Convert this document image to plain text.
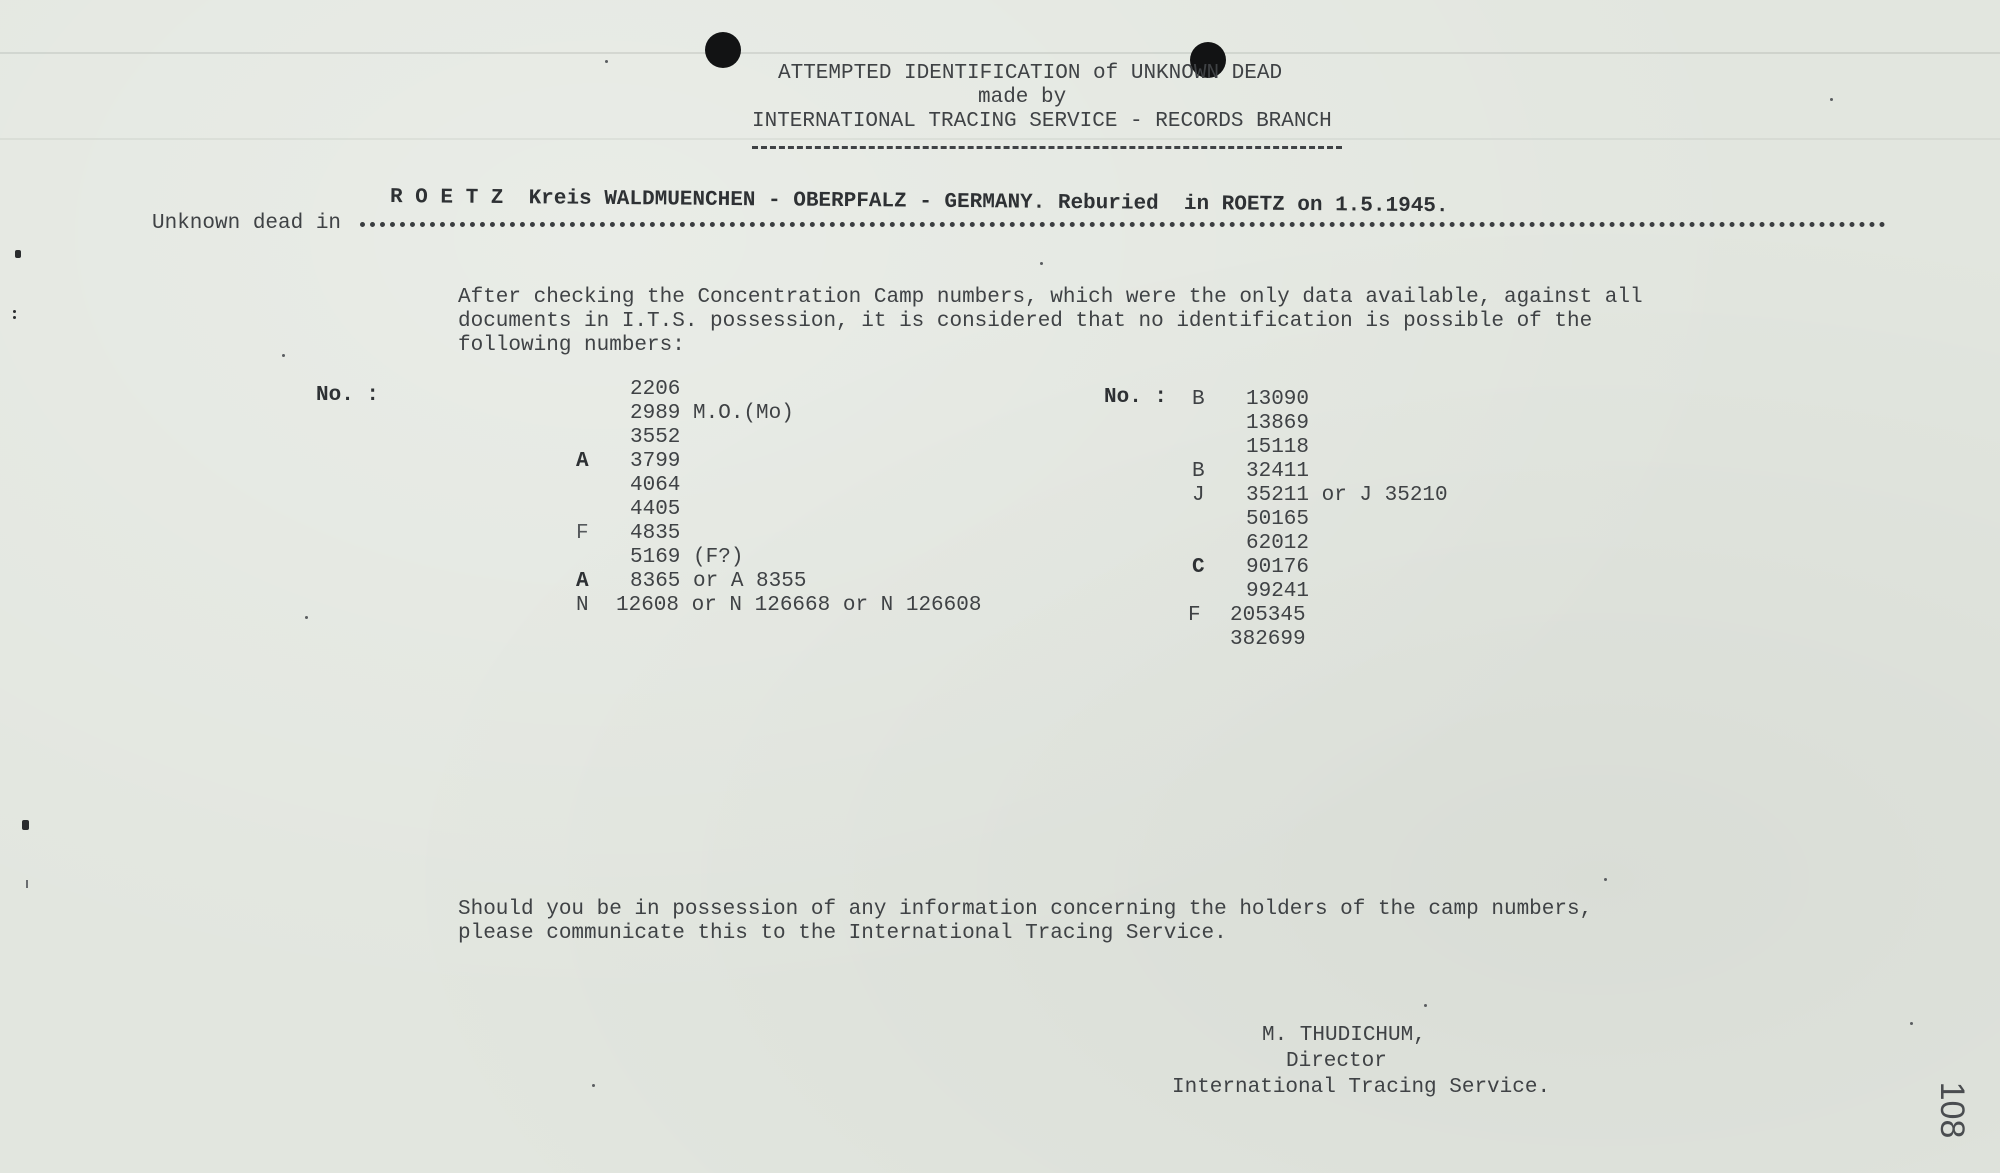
ATTEMPTED IDENTIFICATION of UNKNOWN DEAD
made by
INTERNATIONAL TRACING SERVICE - RECORDS BRANCH
R O E T Z  Kreis WALDMUENCHEN - OBERPFALZ - GERMANY. Reburied  in ROETZ on 1.5.1945.
Unknown dead in
After checking the Concentration Camp numbers, which were the only data available, against all
documents in I.T.S. possession, it is considered that no identification is possible of the
following numbers:
No. :	2206
2989 M.O.(Mo)
3552
A 3799
4064
4405
F 4835
5169 (F?)
A 8365 or A 8355
N 12608 or N 126668 or N 126608
No. : B 13090
13869
15118
B 32411
J 35211 or J 35210
50165
62012
C 90176
99241
F 205345
382699
Should you be in possession of any information concerning the holders of the camp numbers,
please communicate this to the International Tracing Service.
M. THUDICHUM,
Director
International Tracing Service.	108
